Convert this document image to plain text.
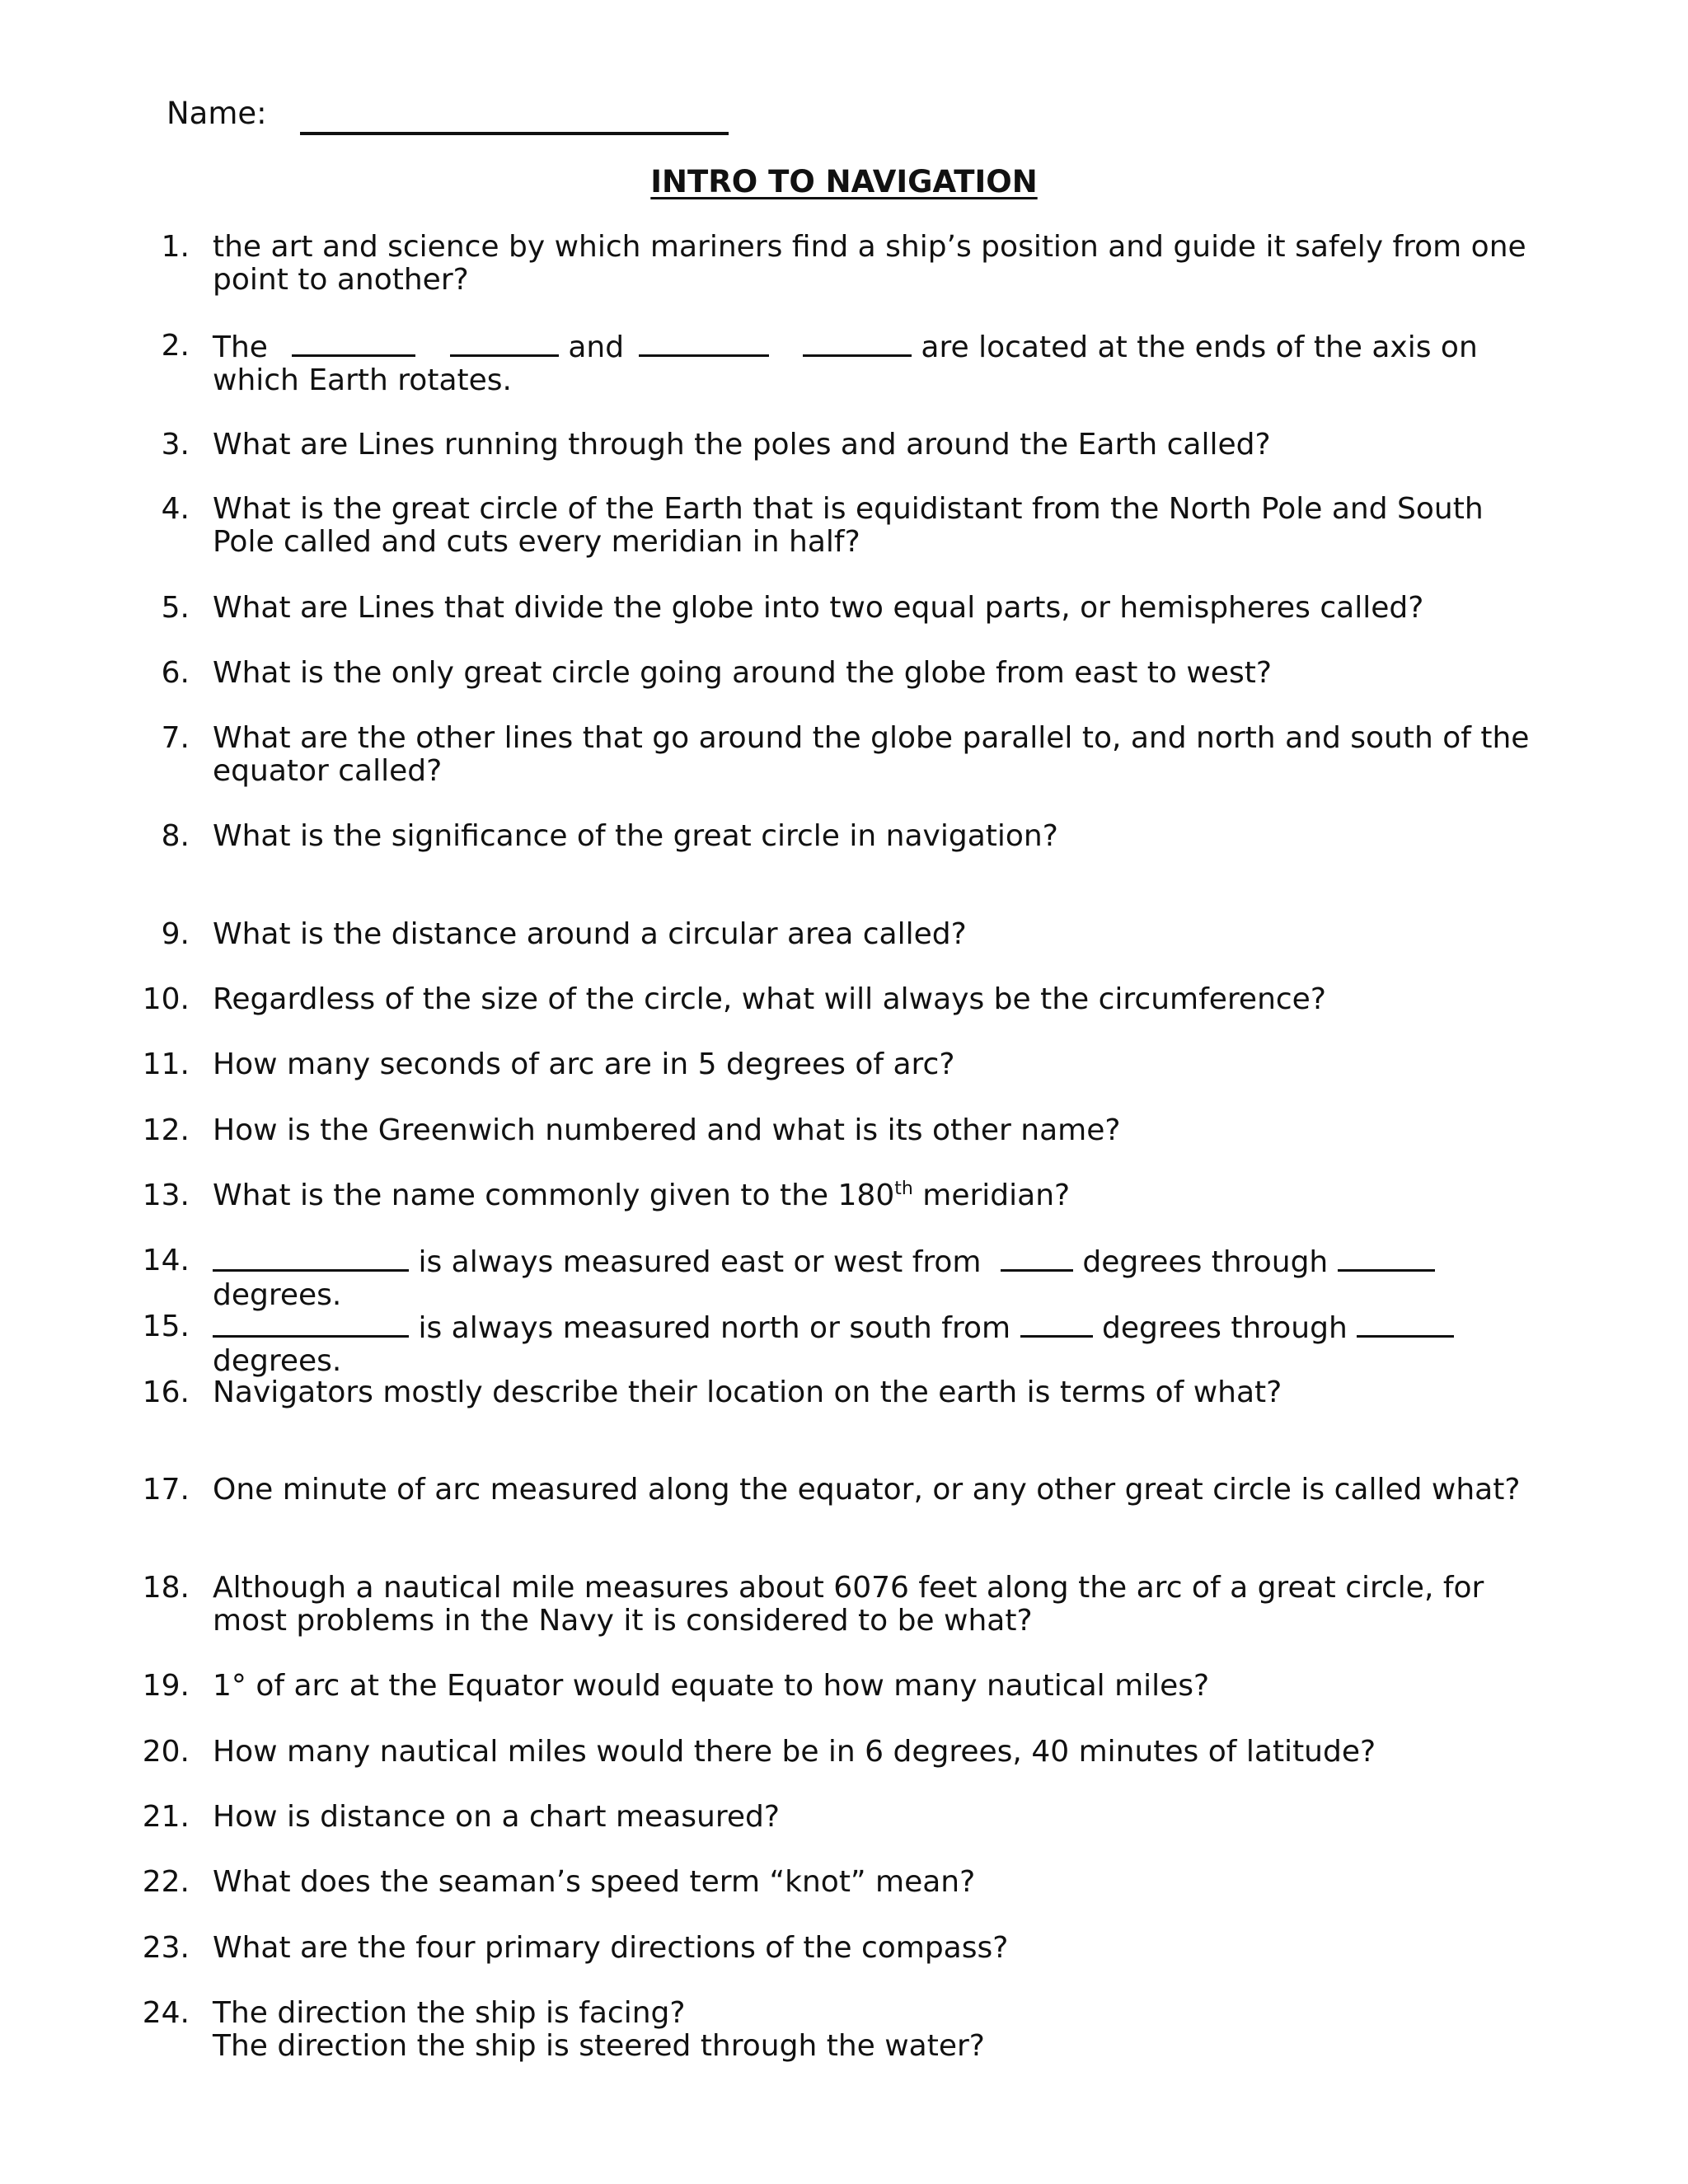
Name:
INTRO TO NAVIGATION
1. the art and science by which mariners find a ship’s position and guide it safely from one point to another?
2. The	and	are located at the ends of the axis on which Earth rotates.
3. What are Lines running through the poles and around the Earth called?
4. What is the great circle of the Earth that is equidistant from the North Pole and South Pole called and cuts every meridian in half?
5. What are Lines that divide the globe into two equal parts, or hemispheres called?
6. What is the only great circle going around the globe from east to west?
7. What are the other lines that go around the globe parallel to, and north and south of the equator called?
8. What is the significance of the great circle in navigation?
9. What is the distance around a circular area called?
10. Regardless of the size of the circle, what will always be the circumference?
11. How many seconds of arc are in 5 degrees of arc?
12. How is the Greenwich numbered and what is its other name?
13. What is the name commonly given to the 180th meridian?
14.	is always measured east or west from	degrees through  degrees.
15.	is always measured north or south from	degrees through  degrees.
16. Navigators mostly describe their location on the earth is terms of what?
17. One minute of arc measured along the equator, or any other great circle is called what?
18. Although a nautical mile measures about 6076 feet along the arc of a great circle, for most problems in the Navy it is considered to be what?
19. 1° of arc at the Equator would equate to how many nautical miles?
20. How many nautical miles would there be in 6 degrees, 40 minutes of latitude?
21. How is distance on a chart measured?
22. What does the seaman’s speed term “knot” mean?
23. What are the four primary directions of the compass?
24. The direction the ship is facing?
The direction the ship is steered through the water?
